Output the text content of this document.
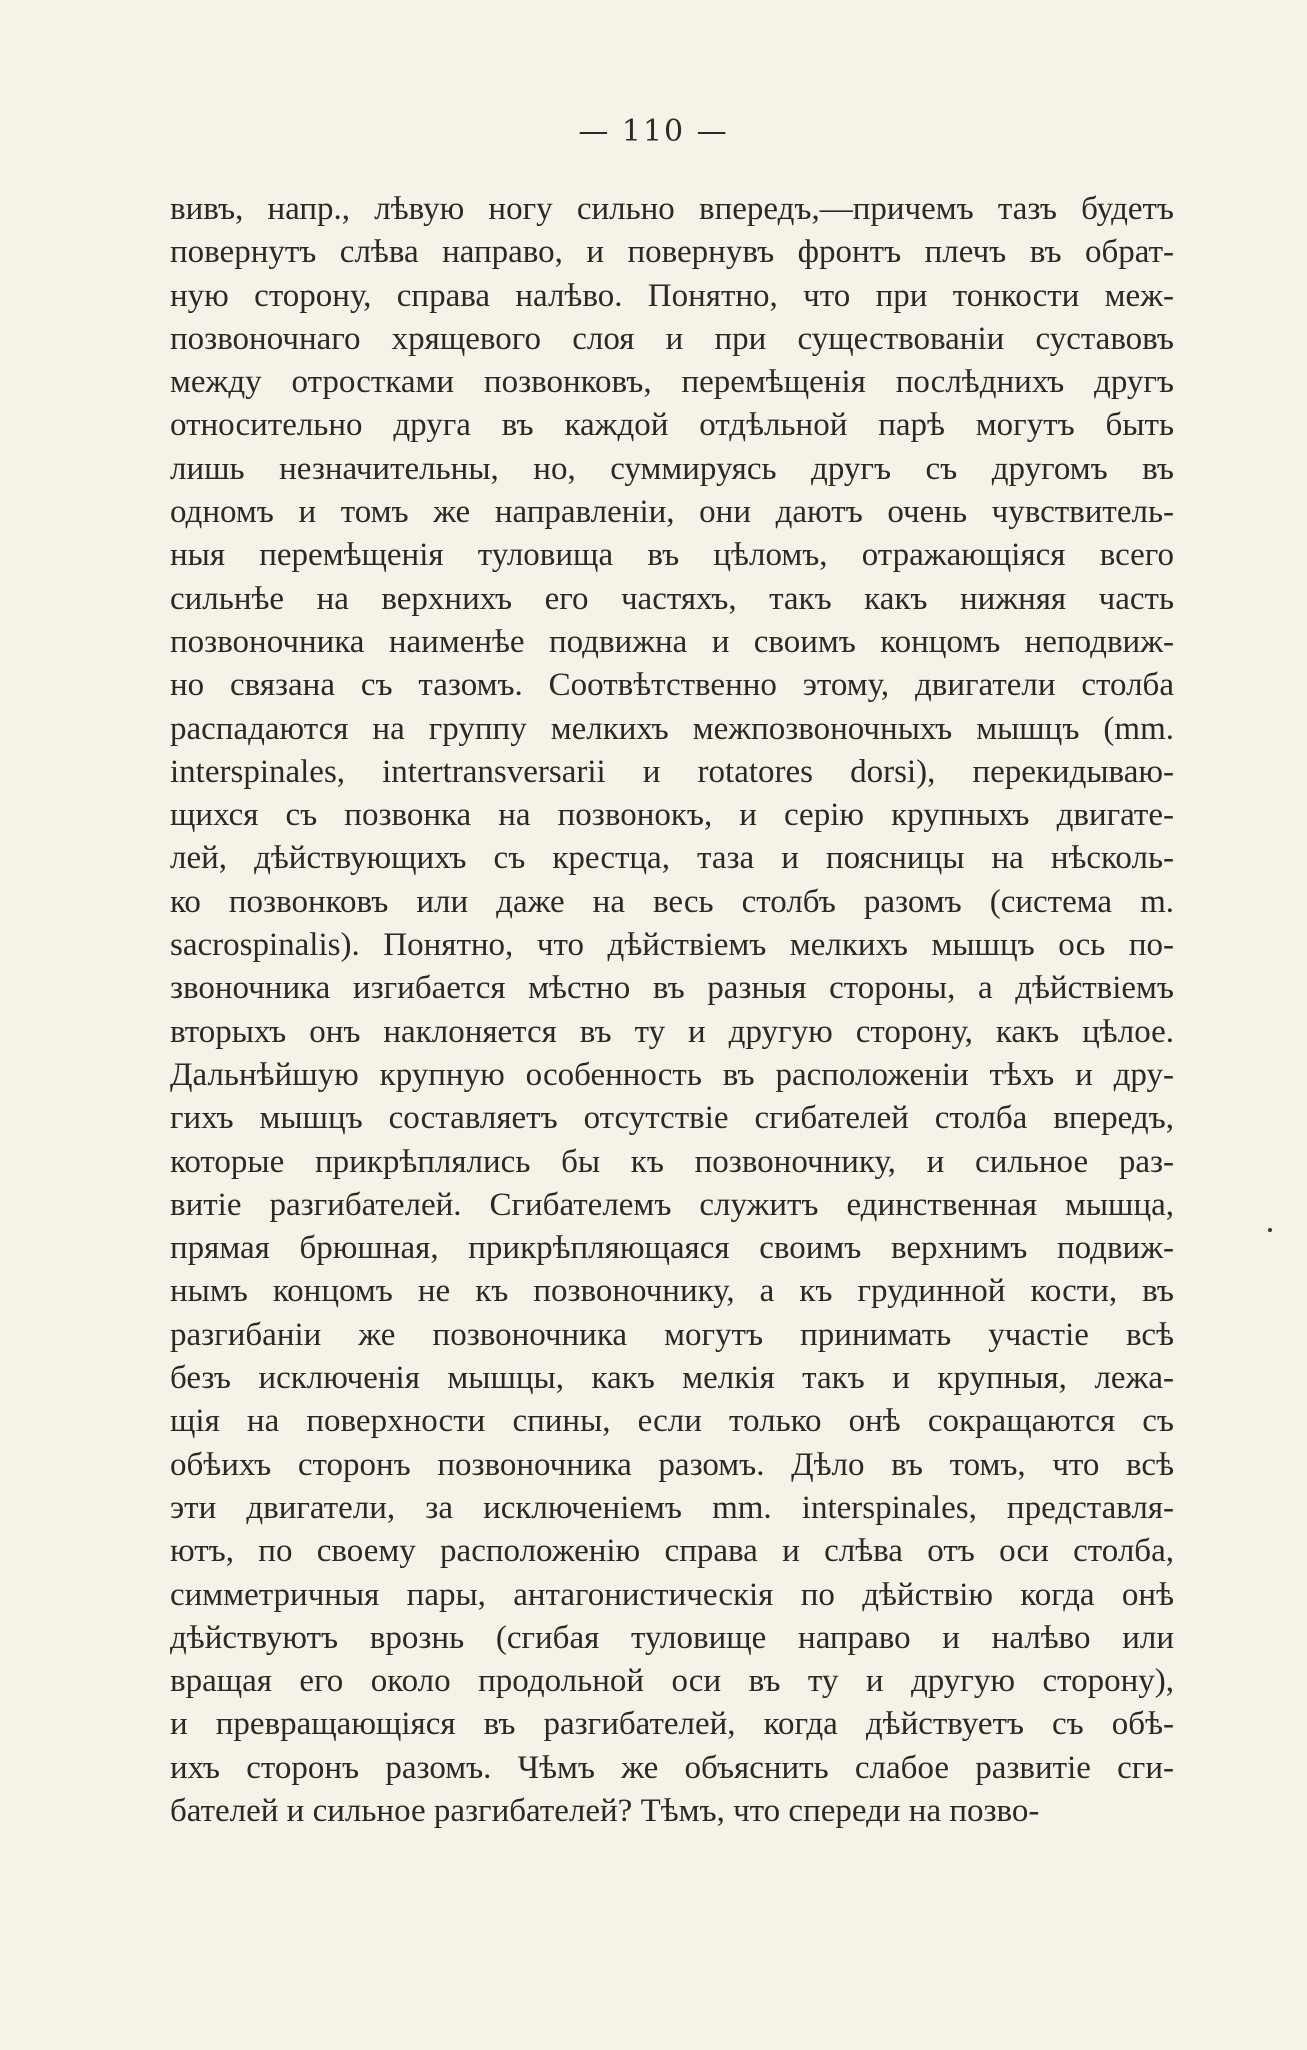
— 110 —
вивъ, напр., лѣвую ногу сильно впередъ,—причемъ тазъ будетъ
повернутъ слѣва направо, и повернувъ фронтъ плечъ въ обрат-
ную сторону, справа налѣво. Понятно, что при тонкости меж-
позвоночнаго хрящевого слоя и при существованіи суставовъ
между отростками позвонковъ, перемѣщенія послѣднихъ другъ
относительно друга въ каждой отдѣльной парѣ могутъ быть
лишь незначительны, но, суммируясь другъ съ другомъ въ
одномъ и томъ же направленіи, они даютъ очень чувствитель-
ныя перемѣщенія туловища въ цѣломъ, отражающіяся всего
сильнѣе на верхнихъ его частяхъ, такъ какъ нижняя часть
позвоночника наименѣе подвижна и своимъ концомъ неподвиж-
но связана съ тазомъ. Соотвѣтственно этому, двигатели столба
распадаются на группу мелкихъ межпозвоночныхъ мышцъ (mm.
interspinales, intertransversarii и rotatores dorsi), перекидываю-
щихся съ позвонка на позвонокъ, и серію крупныхъ двигате-
лей, дѣйствующихъ съ крестца, таза и поясницы на нѣсколь-
ко позвонковъ или даже на весь столбъ разомъ (система m.
sacrospinalis). Понятно, что дѣйствіемъ мелкихъ мышцъ ось по-
звоночника изгибается мѣстно въ разныя стороны, а дѣйствіемъ
вторыхъ онъ наклоняется въ ту и другую сторону, какъ цѣлое.
Дальнѣйшую крупную особенность въ расположеніи тѣхъ и дру-
гихъ мышцъ составляетъ отсутствіе сгибателей столба впередъ,
которые прикрѣплялись бы къ позвоночнику, и сильное раз-
витіе разгибателей. Сгибателемъ служитъ единственная мышца,
прямая брюшная, прикрѣпляющаяся своимъ верхнимъ подвиж-
нымъ концомъ не къ позвоночнику, а къ грудинной кости, въ
разгибаніи же позвоночника могутъ принимать участіе всѣ
безъ исключенія мышцы, какъ мелкія такъ и крупныя, лежа-
щія на поверхности спины, если только онѣ сокращаются съ
обѣихъ сторонъ позвоночника разомъ. Дѣло въ томъ, что всѣ
эти двигатели, за исключеніемъ mm. interspinales, представля-
ютъ, по своему расположенію справа и слѣва отъ оси столба,
симметричныя пары, антагонистическія по дѣйствію когда онѣ
дѣйствуютъ врознь (сгибая туловище направо и налѣво или
вращая его около продольной оси въ ту и другую сторону),
и превращающіяся въ разгибателей, когда дѣйствуетъ съ обѣ-
ихъ сторонъ разомъ. Чѣмъ же объяснить слабое развитіе сги-
бателей и сильное разгибателей? Тѣмъ, что спереди на позво-
